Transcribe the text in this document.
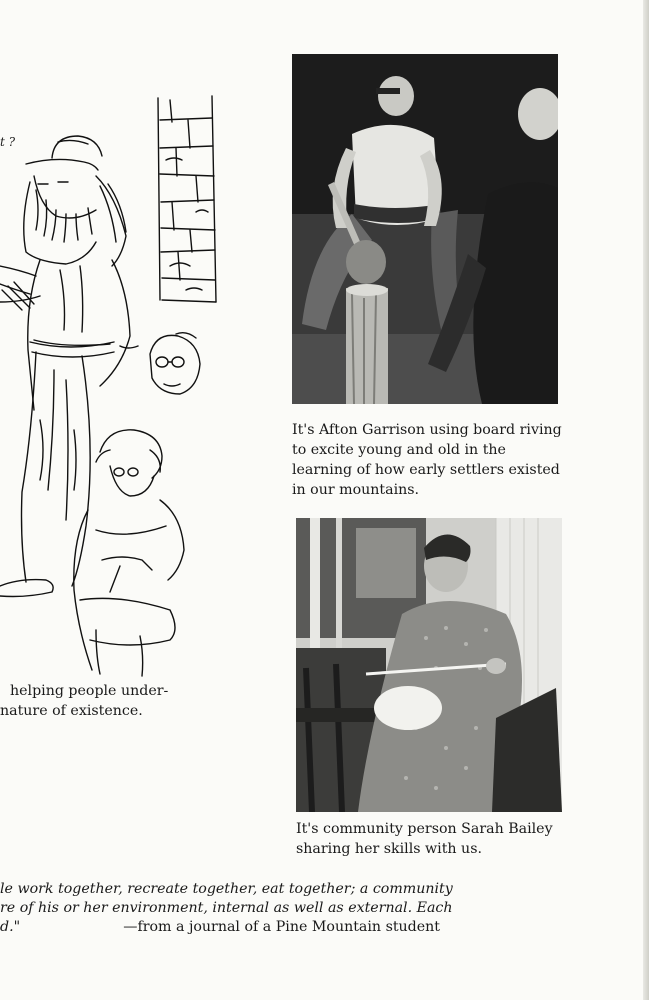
t ?

It's Afton Garrison using board riving to excite young and old in the learning of how early settlers existed in our mountains.

It's community person Sarah Bailey sharing her skills with us.

helping people under-
nature of existence.
le work together, recreate together, eat together; a community
re of his or her environment, internal as well as external. Each
d."	—from a journal of a Pine Mountain student
